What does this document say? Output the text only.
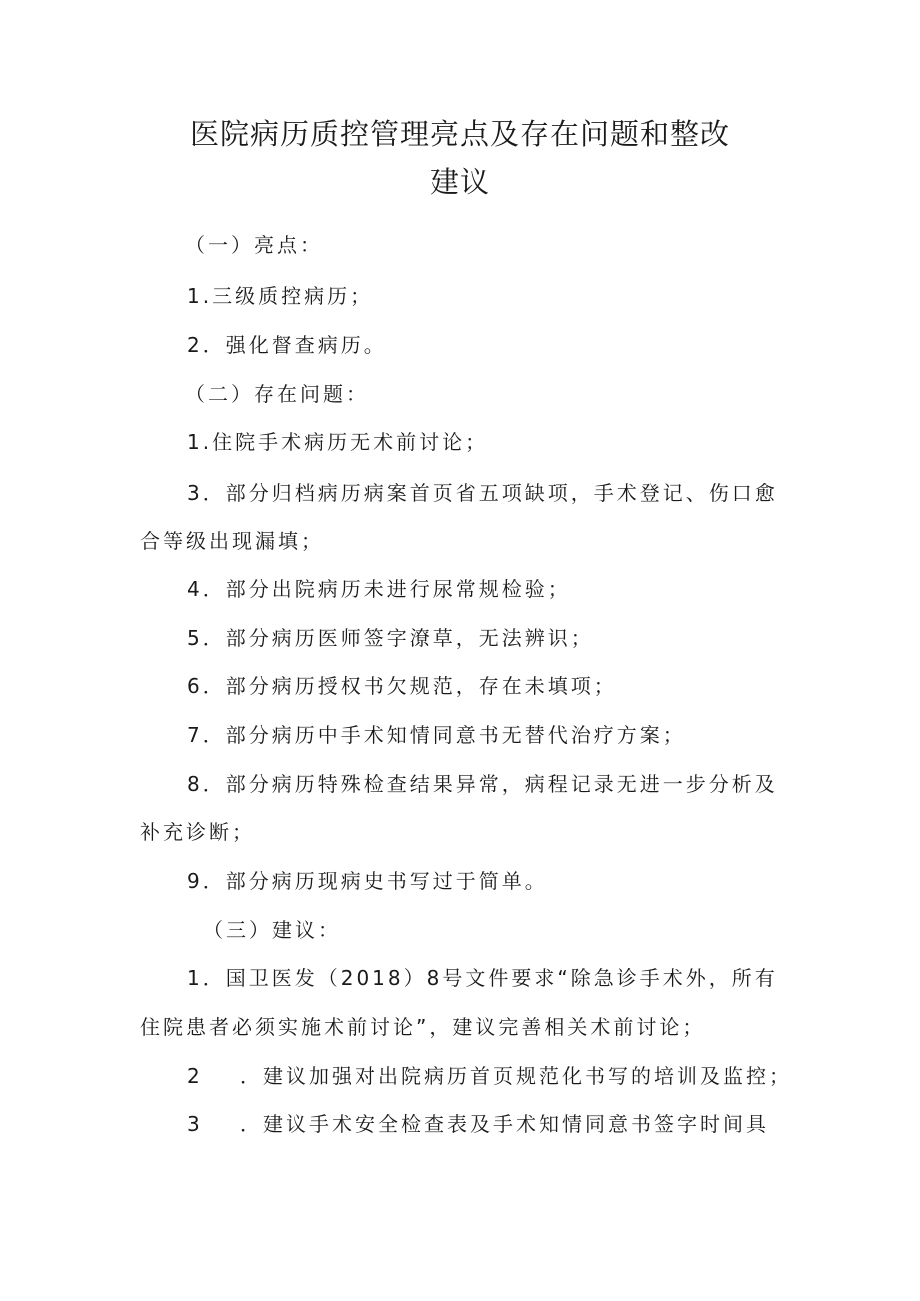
医院病历质控管理亮点及存在问题和整改
建议
（一）亮点：
1.三级质控病历；
2．强化督查病历。
（二）存在问题：
1.住院手术病历无术前讨论；
3．部分归档病历病案首页省五项缺项，手术登记、伤口愈
合等级出现漏填；
4．部分出院病历未进行尿常规检验；
5．部分病历医师签字潦草，无法辨识；
6．部分病历授权书欠规范，存在未填项；
7．部分病历中手术知情同意书无替代治疗方案；
8．部分病历特殊检查结果异常，病程记录无进一步分析及
补充诊断；
9．部分病历现病史书写过于简单。
（三）建议：
1．国卫医发（2018）8号文件要求“除急诊手术外，所有
住院患者必须实施术前讨论”，建议完善相关术前讨论；
2 ．建议加强对出院病历首页规范化书写的培训及监控；
3 ．建议手术安全检查表及手术知情同意书签字时间具
